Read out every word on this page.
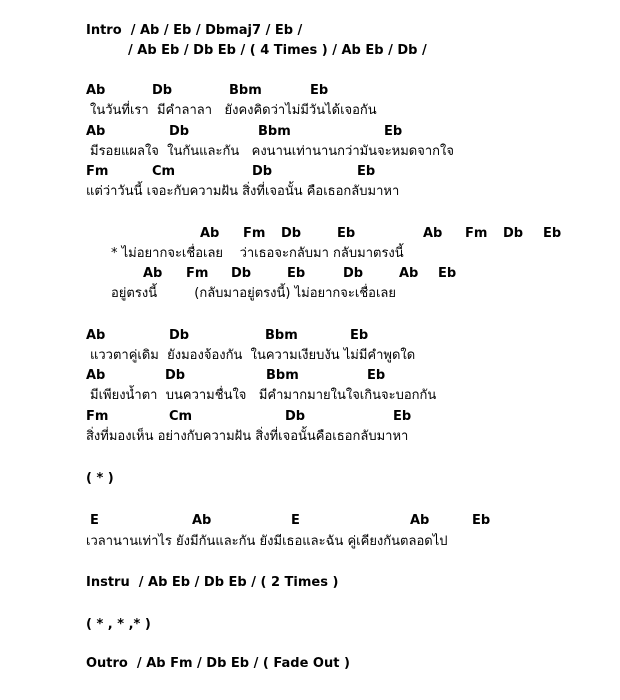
Intro  / Ab / Eb / Dbmaj7 / Eb /
/ Ab Eb / Db Eb / ( 4 Times ) / Ab Eb / Db /
Ab	Db	Bbm	Eb
ในวันที่เรา  มีคำลาลา   ยังคงคิดว่าไม่มีวันได้เจอกัน
Ab	Db	Bbm	Eb
มีรอยแผลใจ  ในกันและกัน   คงนานเท่านานกว่ามันจะหมดจากใจ
Fm	Cm	Db	Eb
แต่ว่าวันนี้ เจอะกับความฝัน สิ่งที่เจอนั้น คือเธอกลับมาหา
Ab Fm Db	Eb	Ab Fm Db Eb
* ไม่อยากจะเชื่อเลย    ว่าเธอจะกลับมา กลับมาตรงนี้
Ab Fm Db	Eb	Db	Ab Eb
อยู่ตรงนี้         (กลับมาอยู่ตรงนี้) ไม่อยากจะเชื่อเลย
Ab	Db	Bbm	Eb
แววตาคู่เดิม  ยังมองจ้องกัน  ในความเงียบงัน ไม่มีคำพูดใด
Ab	Db	Bbm	Eb
มีเพียงน้ำตา  บนความชื่นใจ   มีคำมากมายในใจเกินจะบอกกัน
Fm	Cm	Db	Eb
สิ่งที่มองเห็น อย่างกับความฝัน สิ่งที่เจอนั้นคือเธอกลับมาหา
( * )
E	Ab	E	Ab	Eb
เวลานานเท่าไร ยังมีกันและกัน ยังมีเธอและฉัน คู่เคียงกันตลอดไป
Instru  / Ab Eb / Db Eb / ( 2 Times )
( * , * ,* )
Outro  / Ab Fm / Db Eb / ( Fade Out )
